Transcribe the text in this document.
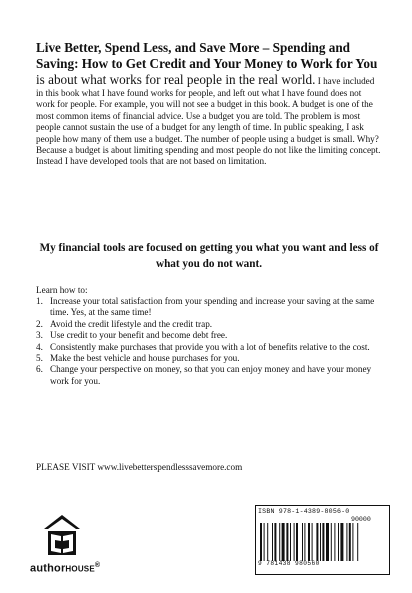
Live Better, Spend Less, and Save More – Spending and Saving: How to Get Credit and Your Money to Work for You is about what works for real people in the real world. I have included in this book what I have found works for people, and left out what I have found does not work for people. For example, you will not see a budget in this book. A budget is one of the most common items of financial advice. Use a budget you are told. The problem is most people cannot sustain the use of a budget for any length of time. In public speaking, I ask people how many of them use a budget. The number of people using a budget is small. Why? Because a budget is about limiting spending and most people do not like the limiting concept. Instead I have developed tools that are not based on limitation.
My financial tools are focused on getting you what you want and less of what you do not want.
Learn how to:
1. Increase your total satisfaction from your spending and increase your saving at the same time. Yes, at the same time!
2. Avoid the credit lifestyle and the credit trap.
3. Use credit to your benefit and become debt free.
4. Consistently make purchases that provide you with a lot of benefits relative to the cost.
5. Make the best vehicle and house purchases for you.
6. Change your perspective on money, so that you can enjoy money and have your money work for you.
PLEASE VISIT www.livebetterspendlesssavemore.com
authorHOUSE®
ISBN 978-1-4389-8056-0
90000
9 781438 980560
